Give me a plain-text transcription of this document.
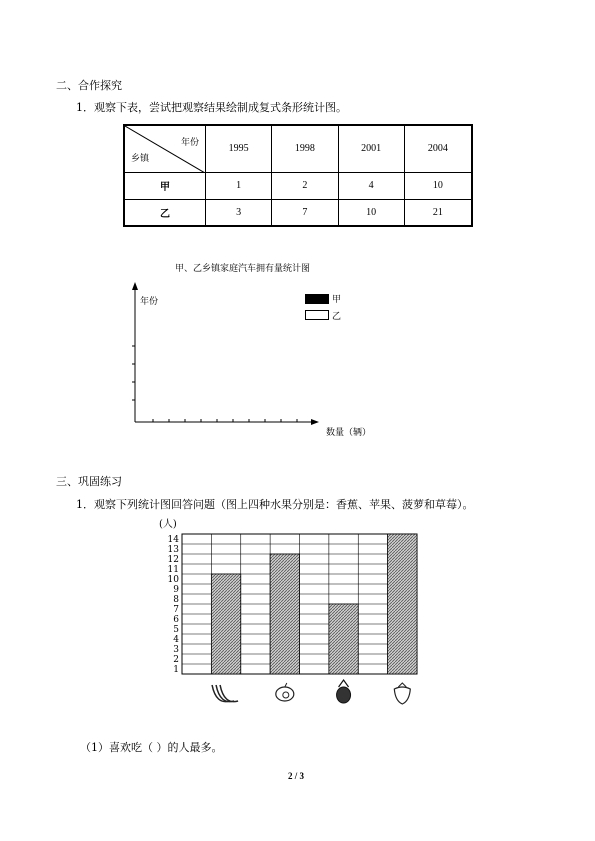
二、合作探究
1．观察下表，尝试把观察结果绘制成复式条形统计图。
年份
乡镇	1995	1998	2001	2004
甲	1	2	4	10
乙	3	7	10	21
甲、乙乡镇家庭汽车拥有量统计图
年份
数量（辆）
甲
乙
三、巩固练习
1．观察下列统计图回答问题（图上四种水果分别是：香蕉、苹果、菠萝和草莓）。
(人)
1
2
3
4
5
6
7
8
9
10
11
12
13
14
（1）喜欢吃（ ）的人最多。
2 / 3
